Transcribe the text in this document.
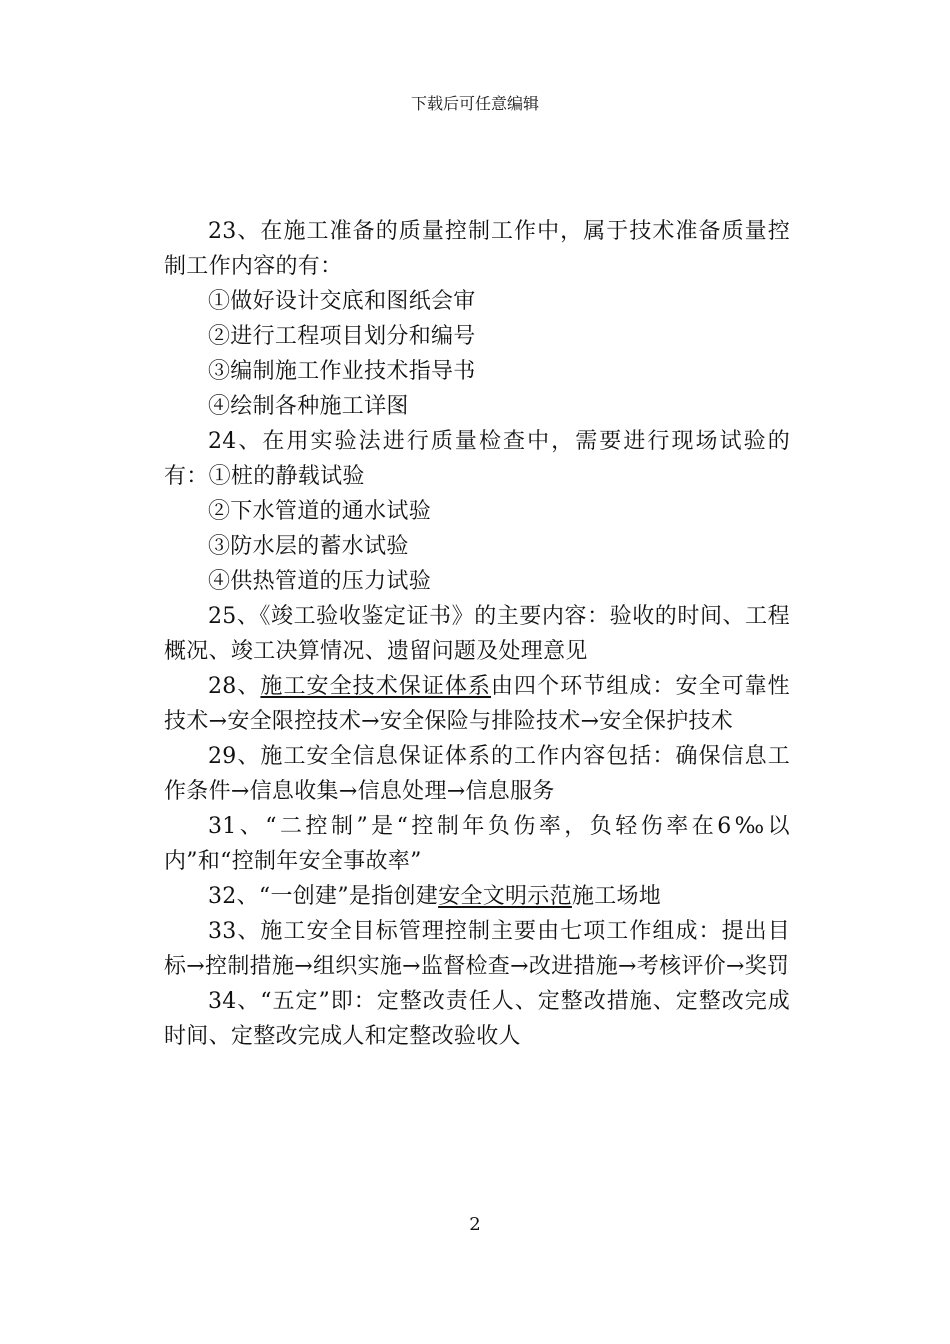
下载后可任意编辑

23、在施工准备的质量控制工作中，属于技术准备质量控制工作内容的有：

①做好设计交底和图纸会审

②进行工程项目划分和编号

③编制施工作业技术指导书

④绘制各种施工详图

24、在用实验法进行质量检查中，需要进行现场试验的有：①桩的静载试验

②下水管道的通水试验

③防水层的蓄水试验

④供热管道的压力试验

25、《竣工验收鉴定证书》的主要内容：验收的时间、工程概况、竣工决算情况、遗留问题及处理意见

28、施工安全技术保证体系由四个环节组成：安全可靠性技术→安全限控技术→安全保险与排险技术→安全保护技术

29、施工安全信息保证体系的工作内容包括：确保信息工作条件→信息收集→信息处理→信息服务

31、“二控制”是“控制年负伤率，负轻伤率在6‰以内”和“控制年安全事故率”

32、“一创建”是指创建安全文明示范施工场地

33、施工安全目标管理控制主要由七项工作组成：提出目标→控制措施→组织实施→监督检查→改进措施→考核评价→奖罚

34、“五定”即：定整改责任人、定整改措施、定整改完成时间、定整改完成人和定整改验收人

2
